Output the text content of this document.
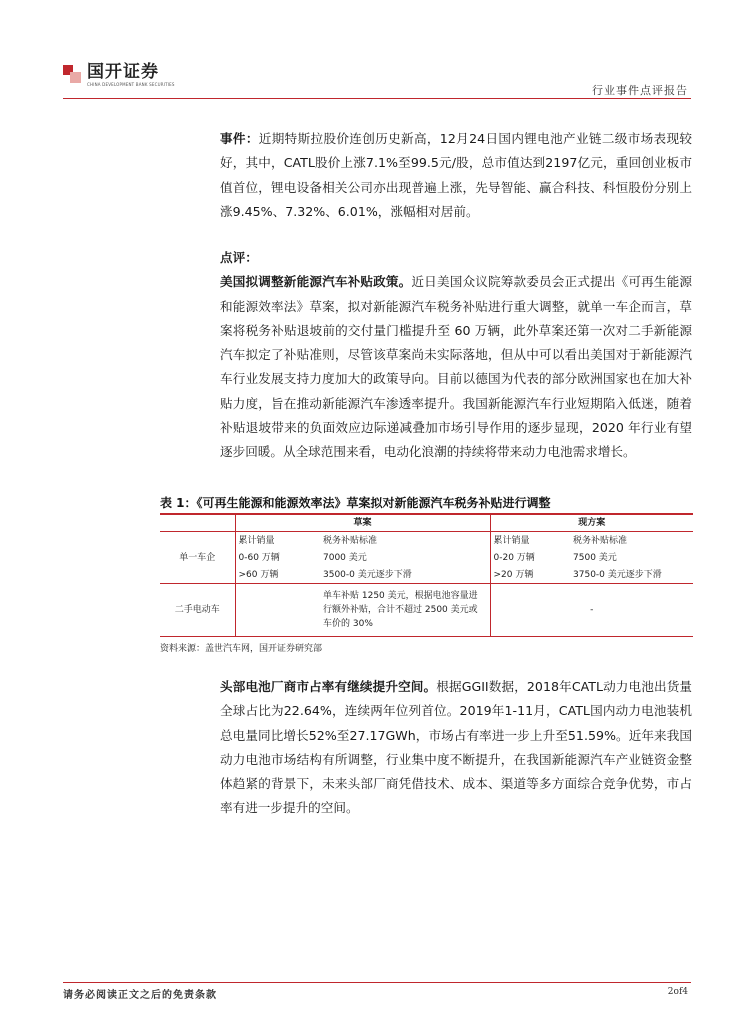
国开证券
CHINA DEVELOPMENT BANK SECURITIES	行业事件点评报告
事件：近期特斯拉股价连创历史新高，12月24日国内锂电池产业链二级市场表现较好，其中，CATL股价上涨7.1%至99.5元/股，总市值达到2197亿元，重回创业板市值首位，锂电设备相关公司亦出现普遍上涨，先导智能、赢合科技、科恒股份分别上涨9.45%、7.32%、6.01%，涨幅相对居前。
点评：
美国拟调整新能源汽车补贴政策。近日美国众议院筹款委员会正式提出《可再生能源和能源效率法》草案，拟对新能源汽车税务补贴进行重大调整，就单一车企而言，草案将税务补贴退坡前的交付量门槛提升至 60 万辆，此外草案还第一次对二手新能源汽车拟定了补贴准则，尽管该草案尚未实际落地，但从中可以看出美国对于新能源汽车行业发展支持力度加大的政策导向。目前以德国为代表的部分欧洲国家也在加大补贴力度，旨在推动新能源汽车渗透率提升。我国新能源汽车行业短期陷入低迷，随着补贴退坡带来的负面效应边际递减叠加市场引导作用的逐步显现，2020 年行业有望逐步回暖。从全球范围来看，电动化浪潮的持续将带来动力电池需求增长。
表 1：《可再生能源和能源效率法》草案拟对新能源汽车税务补贴进行调整
	草案		现方案	
单一车企	累计销量	税务补贴标准	累计销量	税务补贴标准
	0-60 万辆	7000 美元	0-20 万辆	7500 美元
	>60 万辆	3500-0 美元逐步下滑	>20 万辆	3750-0 美元逐步下滑
二手电动车		单车补贴 1250 美元，根据电池容量进行额外补贴，合计不超过 2500 美元或车价的 30%	-	
资料来源：盖世汽车网，国开证券研究部
头部电池厂商市占率有继续提升空间。根据GGII数据，2018年CATL动力电池出货量全球占比为22.64%，连续两年位列首位。2019年1-11月，CATL国内动力电池装机总电量同比增长52%至27.17GWh，市场占有率进一步上升至51.59%。近年来我国动力电池市场结构有所调整，行业集中度不断提升，在我国新能源汽车产业链资金整体趋紧的背景下，未来头部厂商凭借技术、成本、渠道等多方面综合竞争优势，市占率有进一步提升的空间。
请务必阅读正文之后的免责条款	2of4
